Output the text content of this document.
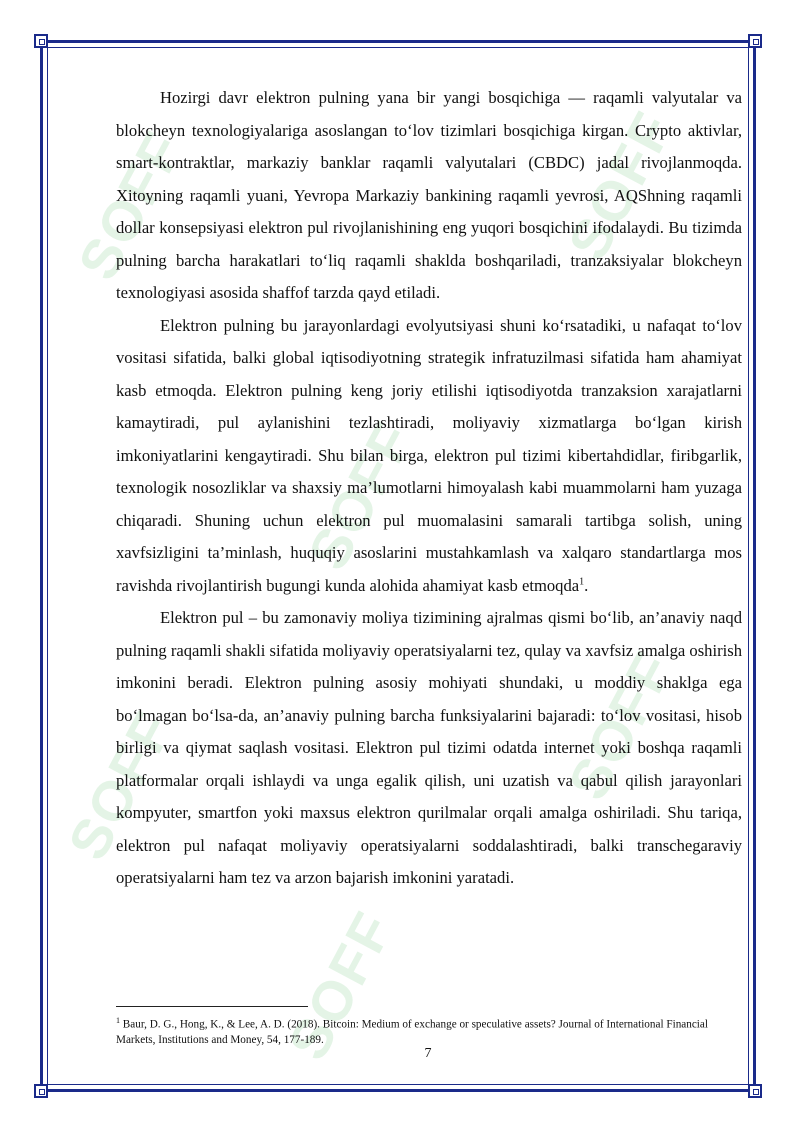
SOFF	SOFF
SOFF
SOFF	SOFF
SOFF

Hozirgi davr elektron pulning yana bir yangi bosqichiga — raqamli valyutalar va blokcheyn texnologiyalariga asoslangan to‘lov tizimlari bosqichiga kirgan. Crypto aktivlar, smart-kontraktlar, markaziy banklar raqamli valyutalari (CBDC) jadal rivojlanmoqda. Xitoyning raqamli yuani, Yevropa Markaziy bankining raqamli yevrosi, AQShning raqamli dollar konsepsiyasi elektron pul rivojlanishining eng yuqori bosqichini ifodalaydi. Bu tizimda pulning barcha harakatlari to‘liq raqamli shaklda boshqariladi, tranzaksiyalar blokcheyn texnologiyasi asosida shaffof tarzda qayd etiladi.

Elektron pulning bu jarayonlardagi evolyutsiyasi shuni ko‘rsatadiki, u nafaqat to‘lov vositasi sifatida, balki global iqtisodiyotning strategik infratuzilmasi sifatida ham ahamiyat kasb etmoqda. Elektron pulning keng joriy etilishi iqtisodiyotda tranzaksion xarajatlarni kamaytiradi, pul aylanishini tezlashtiradi, moliyaviy xizmatlarga bo‘lgan kirish imkoniyatlarini kengaytiradi. Shu bilan birga, elektron pul tizimi kibertahdidlar, firibgarlik, texnologik nosozliklar va shaxsiy ma’lumotlarni himoyalash kabi muammolarni ham yuzaga chiqaradi. Shuning uchun elektron pul muomalasini samarali tartibga solish, uning xavfsizligini ta’minlash, huquqiy asoslarini mustahkamlash va xalqaro standartlarga mos ravishda rivojlantirish bugungi kunda alohida ahamiyat kasb etmoqda$^1$.

Elektron pul – bu zamonaviy moliya tizimining ajralmas qismi bo‘lib, an’anaviy naqd pulning raqamli shakli sifatida moliyaviy operatsiyalarni tez, qulay va xavfsiz amalga oshirish imkonini beradi. Elektron pulning asosiy mohiyati shundaki, u moddiy shaklga ega bo‘lmagan bo‘lsa-da, an’anaviy pulning barcha funksiyalarini bajaradi: to‘lov vositasi, hisob birligi va qiymat saqlash vositasi. Elektron pul tizimi odatda internet yoki boshqa raqamli platformalar orqali ishlaydi va unga egalik qilish, uni uzatish va qabul qilish jarayonlari kompyuter, smartfon yoki maxsus elektron qurilmalar orqali amalga oshiriladi. Shu tariqa, elektron pul nafaqat moliyaviy operatsiyalarni soddalashtiradi, balki transchegaraviy operatsiyalarni ham tez va arzon bajarish imkonini yaratadi.

$^1$ Baur, D. G., Hong, K., & Lee, A. D. (2018). Bitcoin: Medium of exchange or speculative assets? Journal of International Financial Markets, Institutions and Money, 54, 177-189.

7
